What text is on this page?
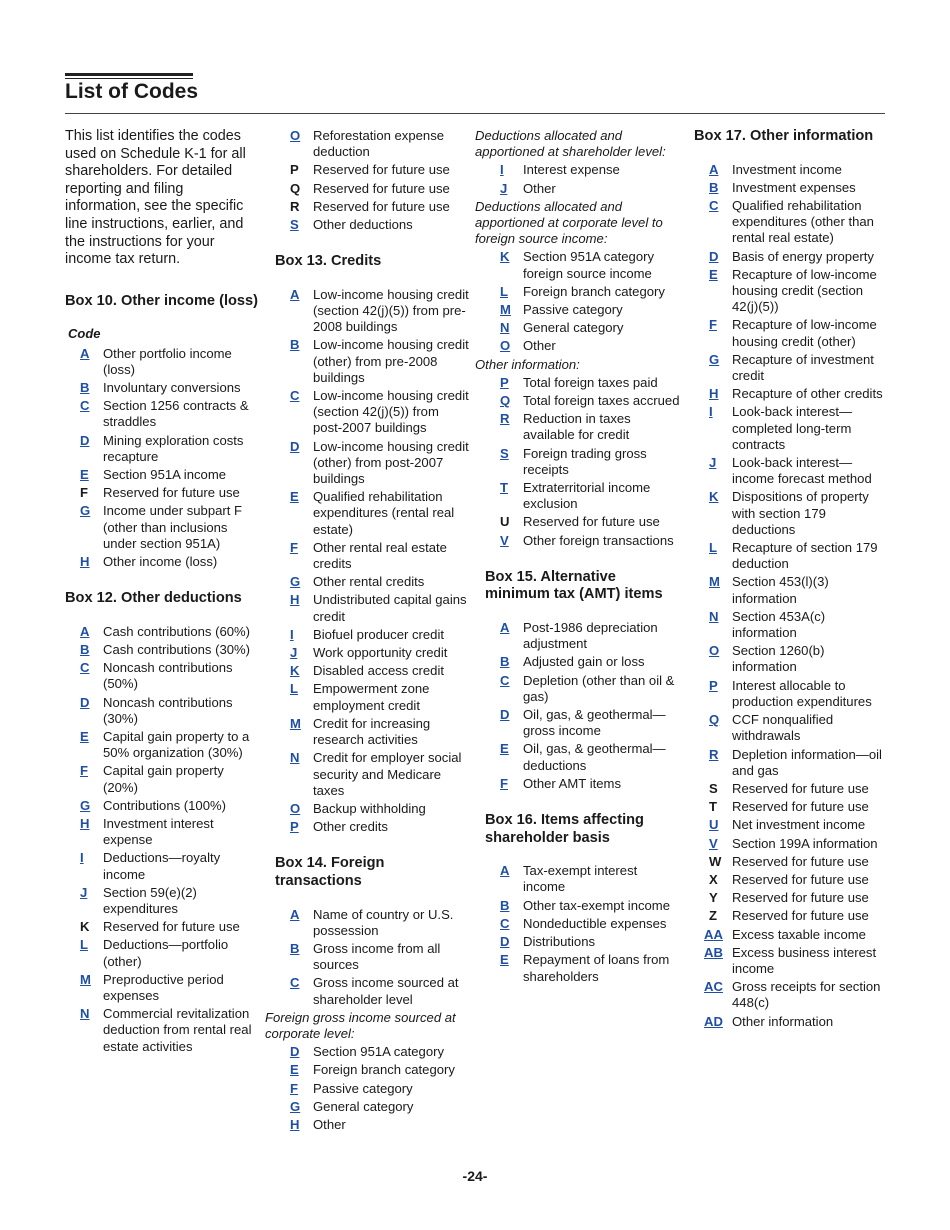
List of Codes

This list identifies the codes used on Schedule K-1 for all shareholders. For detailed reporting and filing information, see the specific line instructions, earlier, and the instructions for your income tax return.

Box 10. Other income (loss)
Code
A	Other portfolio income (loss)
B	Involuntary conversions
C	Section 1256 contracts & straddles
D	Mining exploration costs recapture
E	Section 951A income
F	Reserved for future use
G Income under subpart F (other than inclusions under section 951A)
H	Other income (loss)
Box 12. Other deductions
A	Cash contributions (60%)
B	Cash contributions (30%)
C	Noncash contributions (50%)
D	Noncash contributions (30%)
E	Capital gain property to a 50% organization (30%)
F	Capital gain property (20%)
G Contributions (100%)
H	Investment interest expense
I	Deductions—royalty income
J	Section 59(e)(2) expenditures
K	Reserved for future use
L	Deductions—portfolio (other)
M Preproductive period expenses
N	Commercial revitalization deduction from rental real estate activities
O Reforestation expense deduction
P	Reserved for future use
Q Reserved for future use
R	Reserved for future use
S	Other deductions
Box 13. Credits
A	Low-income housing credit (section 42(j)(5)) from pre-2008 buildings
B	Low-income housing credit (other) from pre-2008 buildings
C	Low-income housing credit (section 42(j)(5)) from post-2007 buildings
D	Low-income housing credit (other) from post-2007 buildings
E	Qualified rehabilitation expenditures (rental real estate)
F	Other rental real estate credits
G Other rental credits
H	Undistributed capital gains credit
I	Biofuel producer credit
J	Work opportunity credit
K	Disabled access credit
L	Empowerment zone employment credit
M Credit for increasing research activities
N	Credit for employer social security and Medicare taxes
O Backup withholding
P	Other credits
Box 14. Foreign transactions
A	Name of country or U.S. possession
B	Gross income from all sources
C	Gross income sourced at shareholder level
Foreign gross income sourced at corporate level:
D	Section 951A category
E	Foreign branch category
F	Passive category
G General category
H	Other
Deductions allocated and apportioned at shareholder level:
I	Interest expense
J	Other
Deductions allocated and apportioned at corporate level to foreign source income:
K	Section 951A category foreign source income
L	Foreign branch category
M Passive category
N	General category
O Other
Other information:
P	Total foreign taxes paid
Q Total foreign taxes accrued
R	Reduction in taxes available for credit
S	Foreign trading gross receipts
T	Extraterritorial income exclusion
U	Reserved for future use
V	Other foreign transactions
Box 15. Alternative minimum tax (AMT) items
A	Post-1986 depreciation adjustment
B	Adjusted gain or loss
C	Depletion (other than oil & gas)
D	Oil, gas, & geothermal—gross income
E	Oil, gas, & geothermal—deductions
F	Other AMT items
Box 16. Items affecting shareholder basis
A	Tax-exempt interest income
B	Other tax-exempt income
C	Nondeductible expenses
D	Distributions
E	Repayment of loans from shareholders
Box 17. Other information
A	Investment income
B	Investment expenses
C	Qualified rehabilitation expenditures (other than rental real estate)
D	Basis of energy property
E	Recapture of low-income housing credit (section 42(j)(5))
F	Recapture of low-income housing credit (other)
G Recapture of investment credit
H	Recapture of other credits
I	Look-back interest—completed long-term contracts
J	Look-back interest—income forecast method
K	Dispositions of property with section 179 deductions
L	Recapture of section 179 deduction
M Section 453(l)(3) information
N	Section 453A(c) information
O Section 1260(b) information
P	Interest allocable to production expenditures
Q CCF nonqualified withdrawals
R	Depletion information—oil and gas
S	Reserved for future use
T	Reserved for future use
U	Net investment income
V	Section 199A information
W Reserved for future use
X	Reserved for future use
Y	Reserved for future use
Z	Reserved for future use
AA Excess taxable income
AB Excess business interest income
AC Gross receipts for section 448(c)
AD Other information
-24-
